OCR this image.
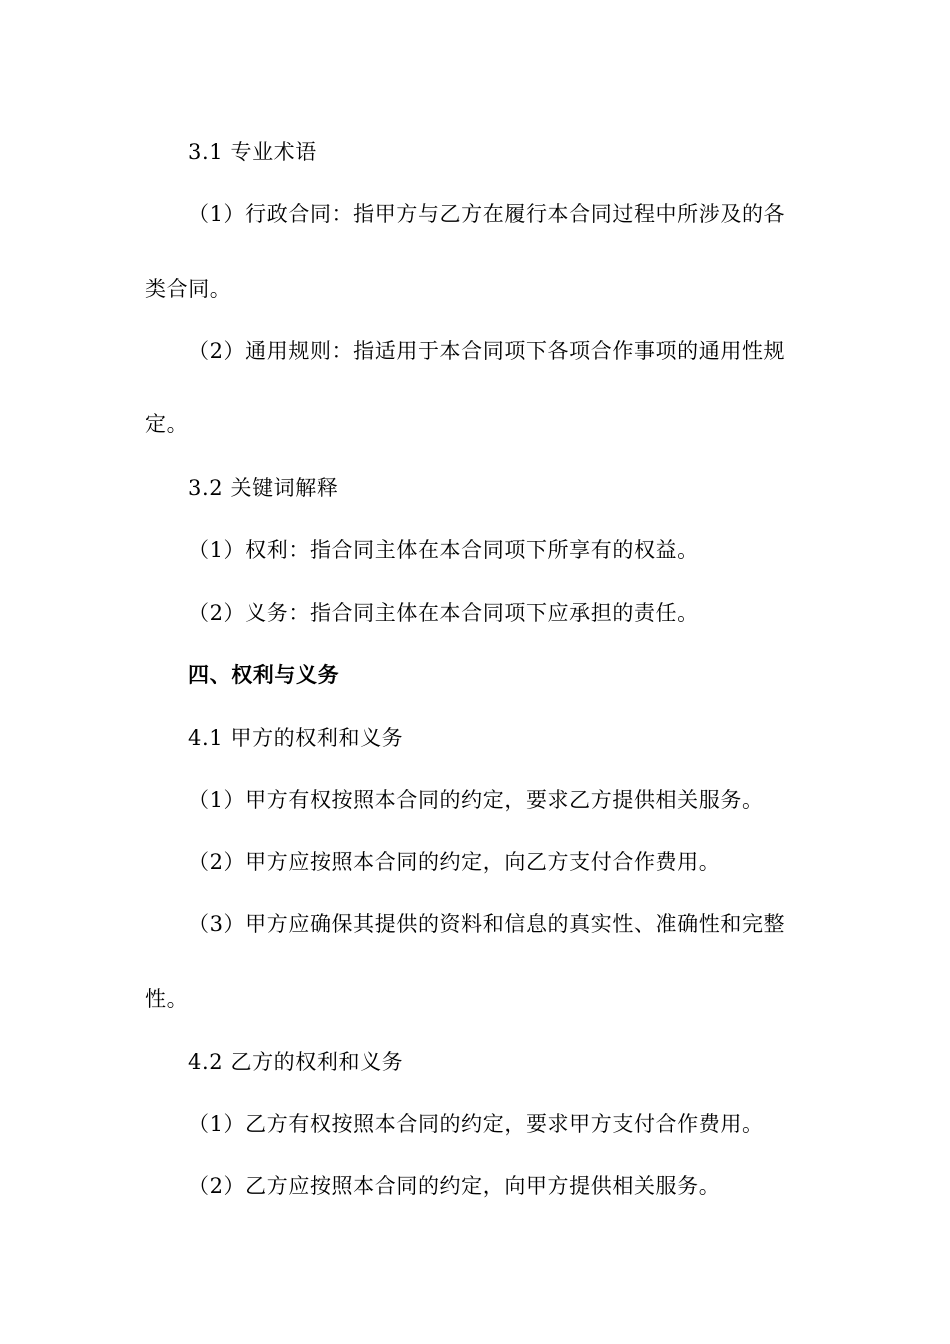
3.1 专业术语
（1）行政合同：指甲方与乙方在履行本合同过程中所涉及的各
类合同。
（2）通用规则：指适用于本合同项下各项合作事项的通用性规
定。
3.2 关键词解释
（1）权利：指合同主体在本合同项下所享有的权益。
（2）义务：指合同主体在本合同项下应承担的责任。
四、权利与义务
4.1 甲方的权利和义务
（1）甲方有权按照本合同的约定，要求乙方提供相关服务。
（2）甲方应按照本合同的约定，向乙方支付合作费用。
（3）甲方应确保其提供的资料和信息的真实性、准确性和完整
性。
4.2 乙方的权利和义务
（1）乙方有权按照本合同的约定，要求甲方支付合作费用。
（2）乙方应按照本合同的约定，向甲方提供相关服务。
